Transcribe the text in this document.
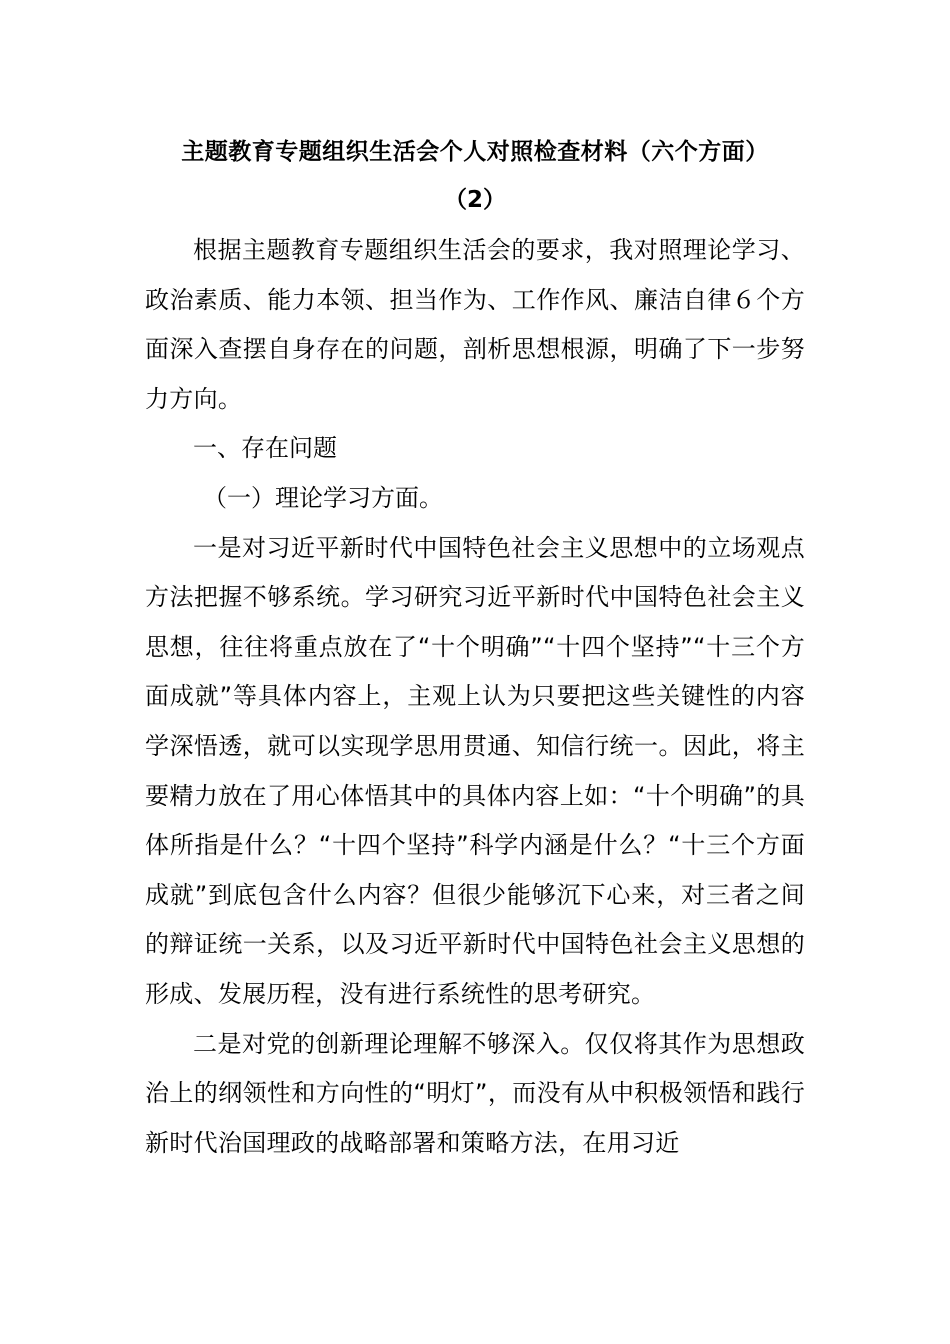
主题教育专题组织生活会个人对照检查材料（六个方面）

（2）

根据主题教育专题组织生活会的要求，我对照理论学习、政治素质、能力本领、担当作为、工作作风、廉洁自律６个方面深入查摆自身存在的问题，剖析思想根源，明确了下一步努力方向。

一、存在问题

（一）理论学习方面。

一是对习近平新时代中国特色社会主义思想中的立场观点方法把握不够系统。学习研究习近平新时代中国特色社会主义思想，往往将重点放在了“十个明确”“十四个坚持”“十三个方面成就”等具体内容上，主观上认为只要把这些关键性的内容学深悟透，就可以实现学思用贯通、知信行统一。因此，将主要精力放在了用心体悟其中的具体内容上如：“十个明确”的具体所指是什么？“十四个坚持”科学内涵是什么？“十三个方面成就”到底包含什么内容？但很少能够沉下心来，对三者之间的辩证统一关系，以及习近平新时代中国特色社会主义思想的形成、发展历程，没有进行系统性的思考研究。

二是对党的创新理论理解不够深入。仅仅将其作为思想政治上的纲领性和方向性的“明灯”，而没有从中积极领悟和践行新时代治国理政的战略部署和策略方法，在用习近
